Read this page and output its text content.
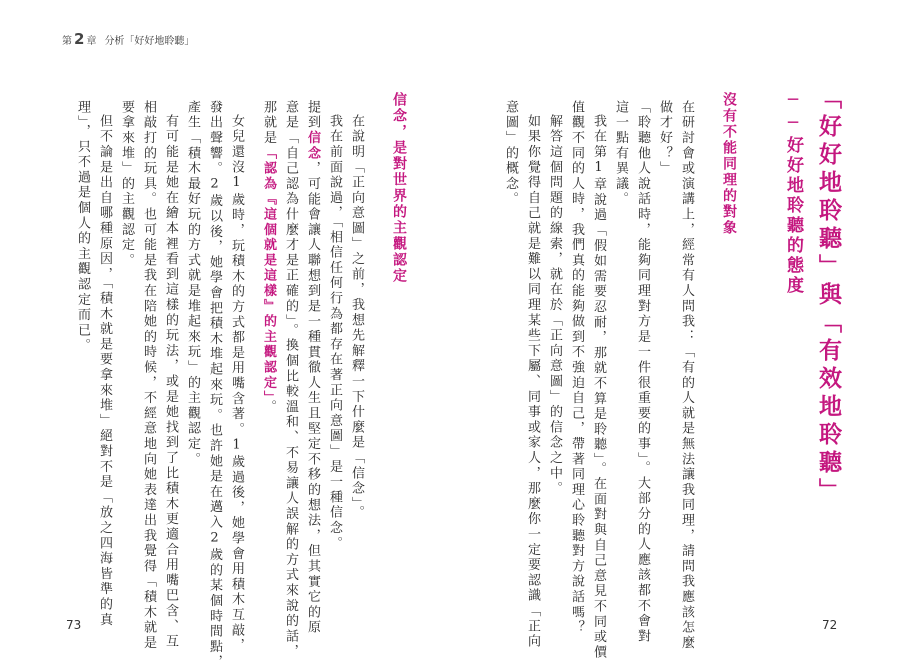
第 2 章 分析「好好地聆聽」
「好好地聆聽」與「有效地聆聽」
──好好地聆聽的態度
沒有不能同理的對象
在研討會或演講上，經常有人問我：「有的人就是無法讓我同理，請問我應該怎麼
做才好？」
「聆聽他人說話時，能夠同理對方是一件很重要的事」。大部分的人應該都不會對
這一點有異議。
我在第1章說過「假如需要忍耐，那就不算是聆聽」。在面對與自己意見不同或價
值觀不同的人時，我們真的能夠做到不強迫自己，帶著同理心聆聽對方說話嗎？
解答這個問題的線索，就在於「正向意圖」的信念之中。
如果你覺得自己就是難以同理某些下屬、同事或家人，那麼你一定要認識「正向
意圖」的概念。
信念，是對世界的主觀認定
在說明「正向意圖」之前，我想先解釋一下什麼是「信念」。
我在前面說過，「相信任何行為都存在著正向意圖」是一種信念。
提到信念，可能會讓人聯想到是一種貫徹人生且堅定不移的想法，但其實它的原
意是「自己認為什麼才是正確的」。換個比較溫和、不易讓人誤解的方式來說的話，
那就是「認為『這個就是這樣』的主觀認定」。
女兒還沒1歲時，玩積木的方式都是用嘴含著。1歲過後，她學會用積木互敲，
發出聲響。2歲以後，她學會把積木堆起來玩。也許她是在邁入2歲的某個時間點，
產生「積木最好玩的方式就是堆起來玩」的主觀認定。
有可能是她在繪本裡看到這樣的玩法，或是她找到了比積木更適合用嘴巴含、互
相敲打的玩具。也可能是我在陪她的時候，不經意地向她表達出我覺得「積木就是
要拿來堆」的主觀認定。
但不論是出自哪種原因，「積木就是要拿來堆」絕對不是「放之四海皆準的真
理」，只不過是個人的主觀認定而已。
73	72
